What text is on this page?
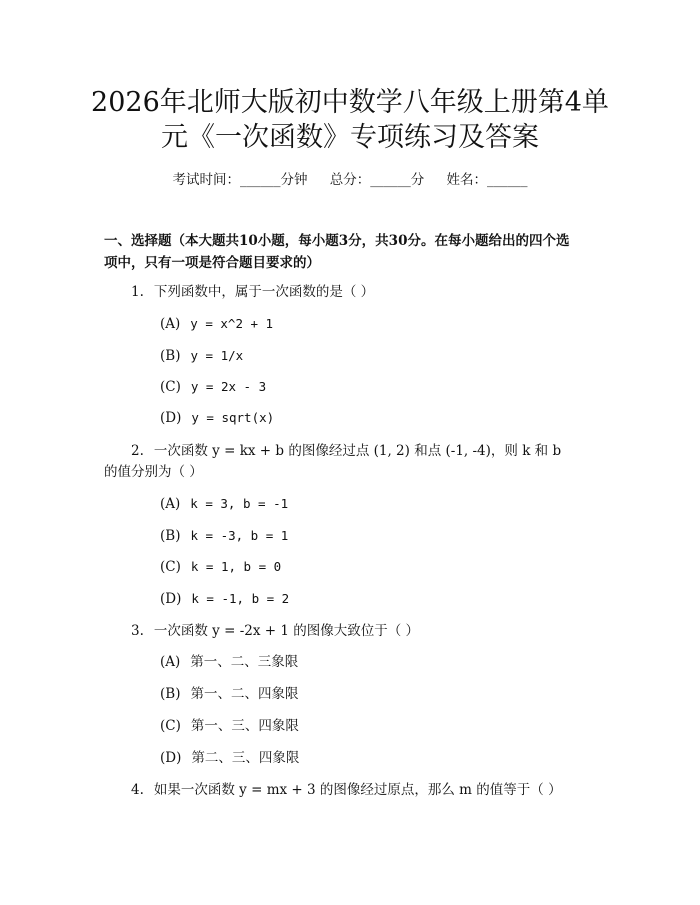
2026年北师大版初中数学八年级上册第4单
元《一次函数》专项练习及答案
考试时间：______分钟 总分：______分 姓名：______
一、选择题（本大题共10小题，每小题3分，共30分。在每小题给出的四个选
项中，只有一项是符合题目要求的）
1. 下列函数中，属于一次函数的是（ ）
(A) y = x^2 + 1
(B) y = 1/x
(C) y = 2x - 3
(D) y = sqrt(x)
2. 一次函数 y = kx + b 的图像经过点 (1, 2) 和点 (-1, -4)，则 k 和 b
的值分别为（ ）
(A) k = 3, b = -1
(B) k = -3, b = 1
(C) k = 1, b = 0
(D) k = -1, b = 2
3. 一次函数 y = -2x + 1 的图像大致位于（ ）
(A) 第一、二、三象限
(B) 第一、二、四象限
(C) 第一、三、四象限
(D) 第二、三、四象限
4. 如果一次函数 y = mx + 3 的图像经过原点，那么 m 的值等于（ ）
